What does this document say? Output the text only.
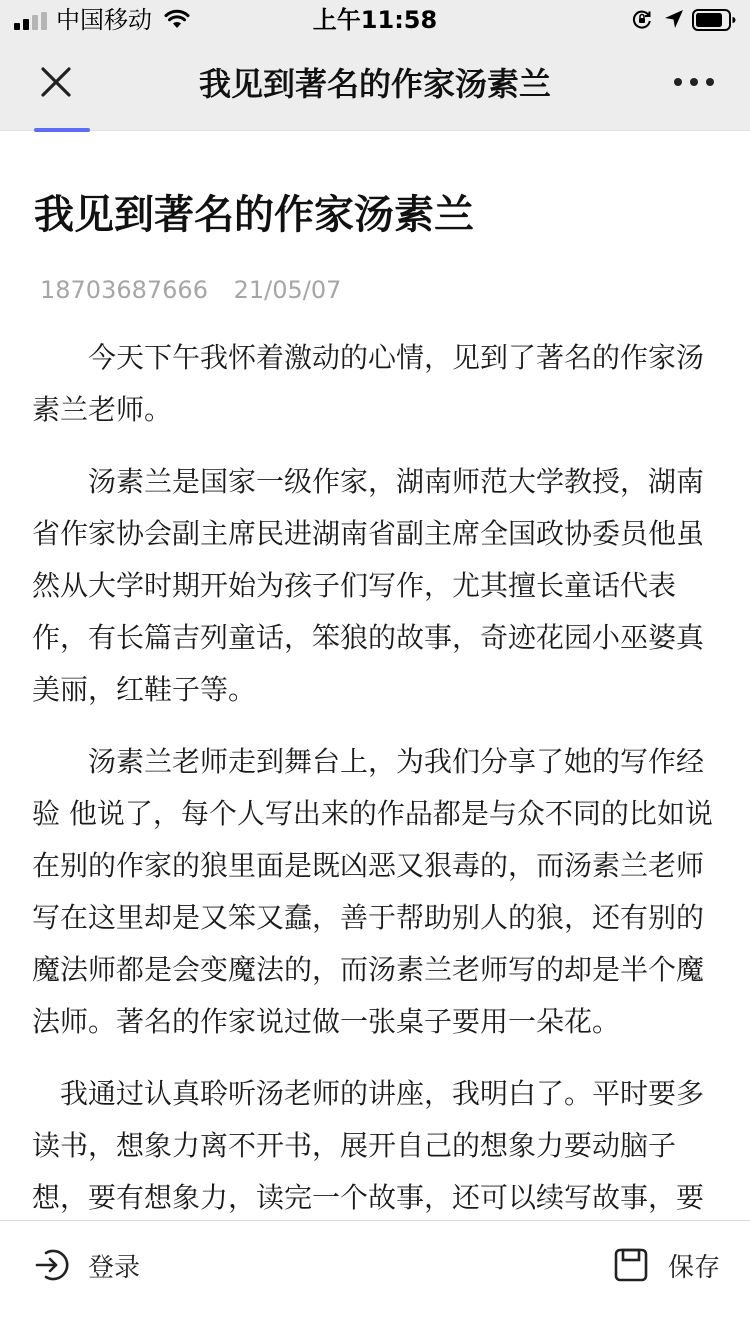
中国移动	上午11:58
我见到著名的作家汤素兰
我见到著名的作家汤素兰
18703687666 21/05/07

　　今天下午我怀着激动的心情，见到了著名的作家汤素兰老师。

　　汤素兰是国家一级作家，湖南师范大学教授，湖南省作家协会副主席民进湖南省副主席全国政协委员他虽然从大学时期开始为孩子们写作，尤其擅长童话代表作，有长篇吉列童话，笨狼的故事，奇迹花园小巫婆真美丽，红鞋子等。

　　汤素兰老师走到舞台上，为我们分享了她的写作经验 他说了，每个人写出来的作品都是与众不同的比如说在别的作家的狼里面是既凶恶又狠毒的，而汤素兰老师写在这里却是又笨又蠢，善于帮助别人的狼，还有别的魔法师都是会变魔法的，而汤素兰老师写的却是半个魔法师。著名的作家说过做一张桌子要用一朵花。

　我通过认真聆听汤老师的讲座，我明白了。平时要多读书，想象力离不开书，展开自己的想象力要动脑子想，要有想象力，读完一个故事，还可以续写故事，要

登录	保存
